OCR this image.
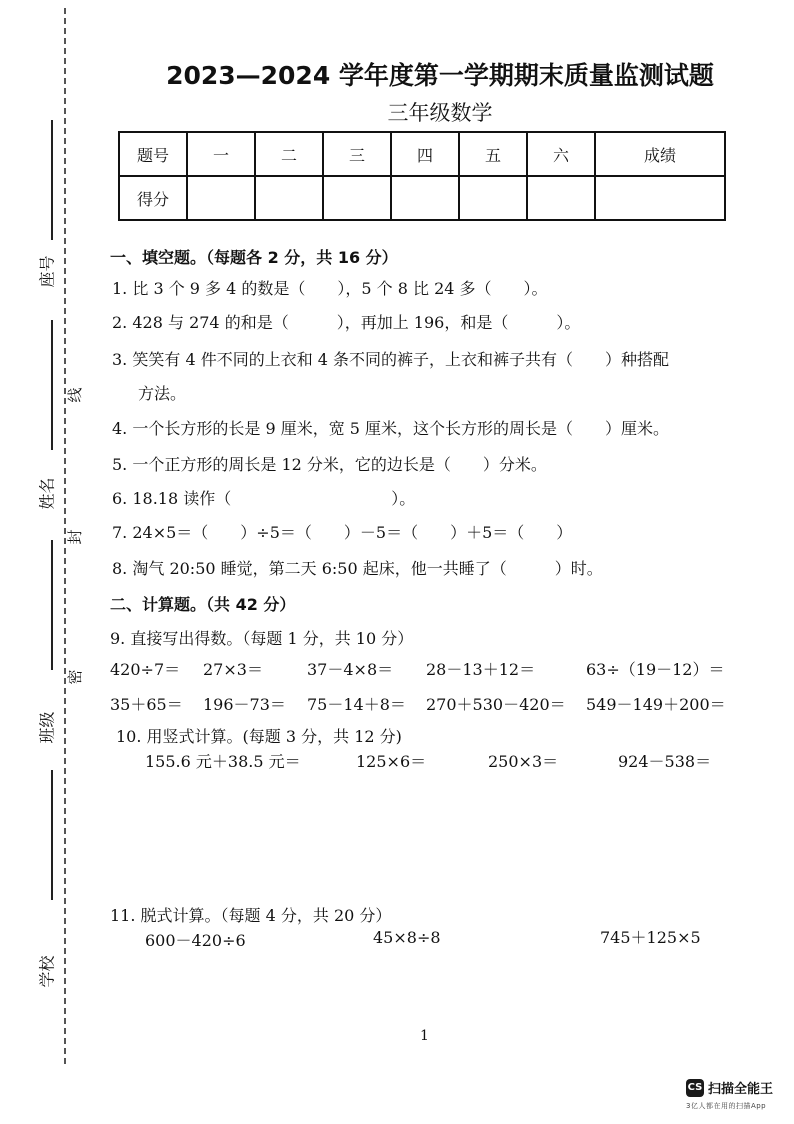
座号
姓名
班级
学校
线
封
密
2023—2024 学年度第一学期期末质量监测试题
三年级数学
题号	一	二	三	四	五	六	成绩
得分							
一、填空题。（每题各 2 分，共 16 分）
1. 比 3 个 9 多 4 的数是（　　），5 个 8 比 24 多（　　）。
2. 428 与 274 的和是（　　　），再加上 196，和是（　　　）。
3. 笑笑有 4 件不同的上衣和 4 条不同的裤子，上衣和裤子共有（　　）种搭配
方法。
4. 一个长方形的长是 9 厘米，宽 5 厘米，这个长方形的周长是（　　）厘米。
5. 一个正方形的周长是 12 分米，它的边长是（　　）分米。
6. 18.18 读作（　　　　　　　　　　）。
7. 24×5＝（　　）÷5＝（　　）－5＝（　　）＋5＝（　　）
8. 淘气 20:50 睡觉，第二天 6:50 起床，他一共睡了（　　　）时。
二、计算题。（共 42 分）
9. 直接写出得数。（每题 1 分，共 10 分）
420÷7＝ 27×3＝	37－4×8＝ 28－13＋12＝	63÷（19－12）＝
35＋65＝ 196－73＝ 75－14＋8＝ 270＋530－420＝ 549－149＋200＝
10. 用竖式计算。(每题 3 分，共 12 分)
155.6 元＋38.5 元＝	125×6＝	250×3＝	924－538＝
11. 脱式计算。（每题 4 分，共 20 分）
600－420÷6	45×8÷8	745＋125×5
1
CS 扫描全能王
3亿人都在用的扫描App
